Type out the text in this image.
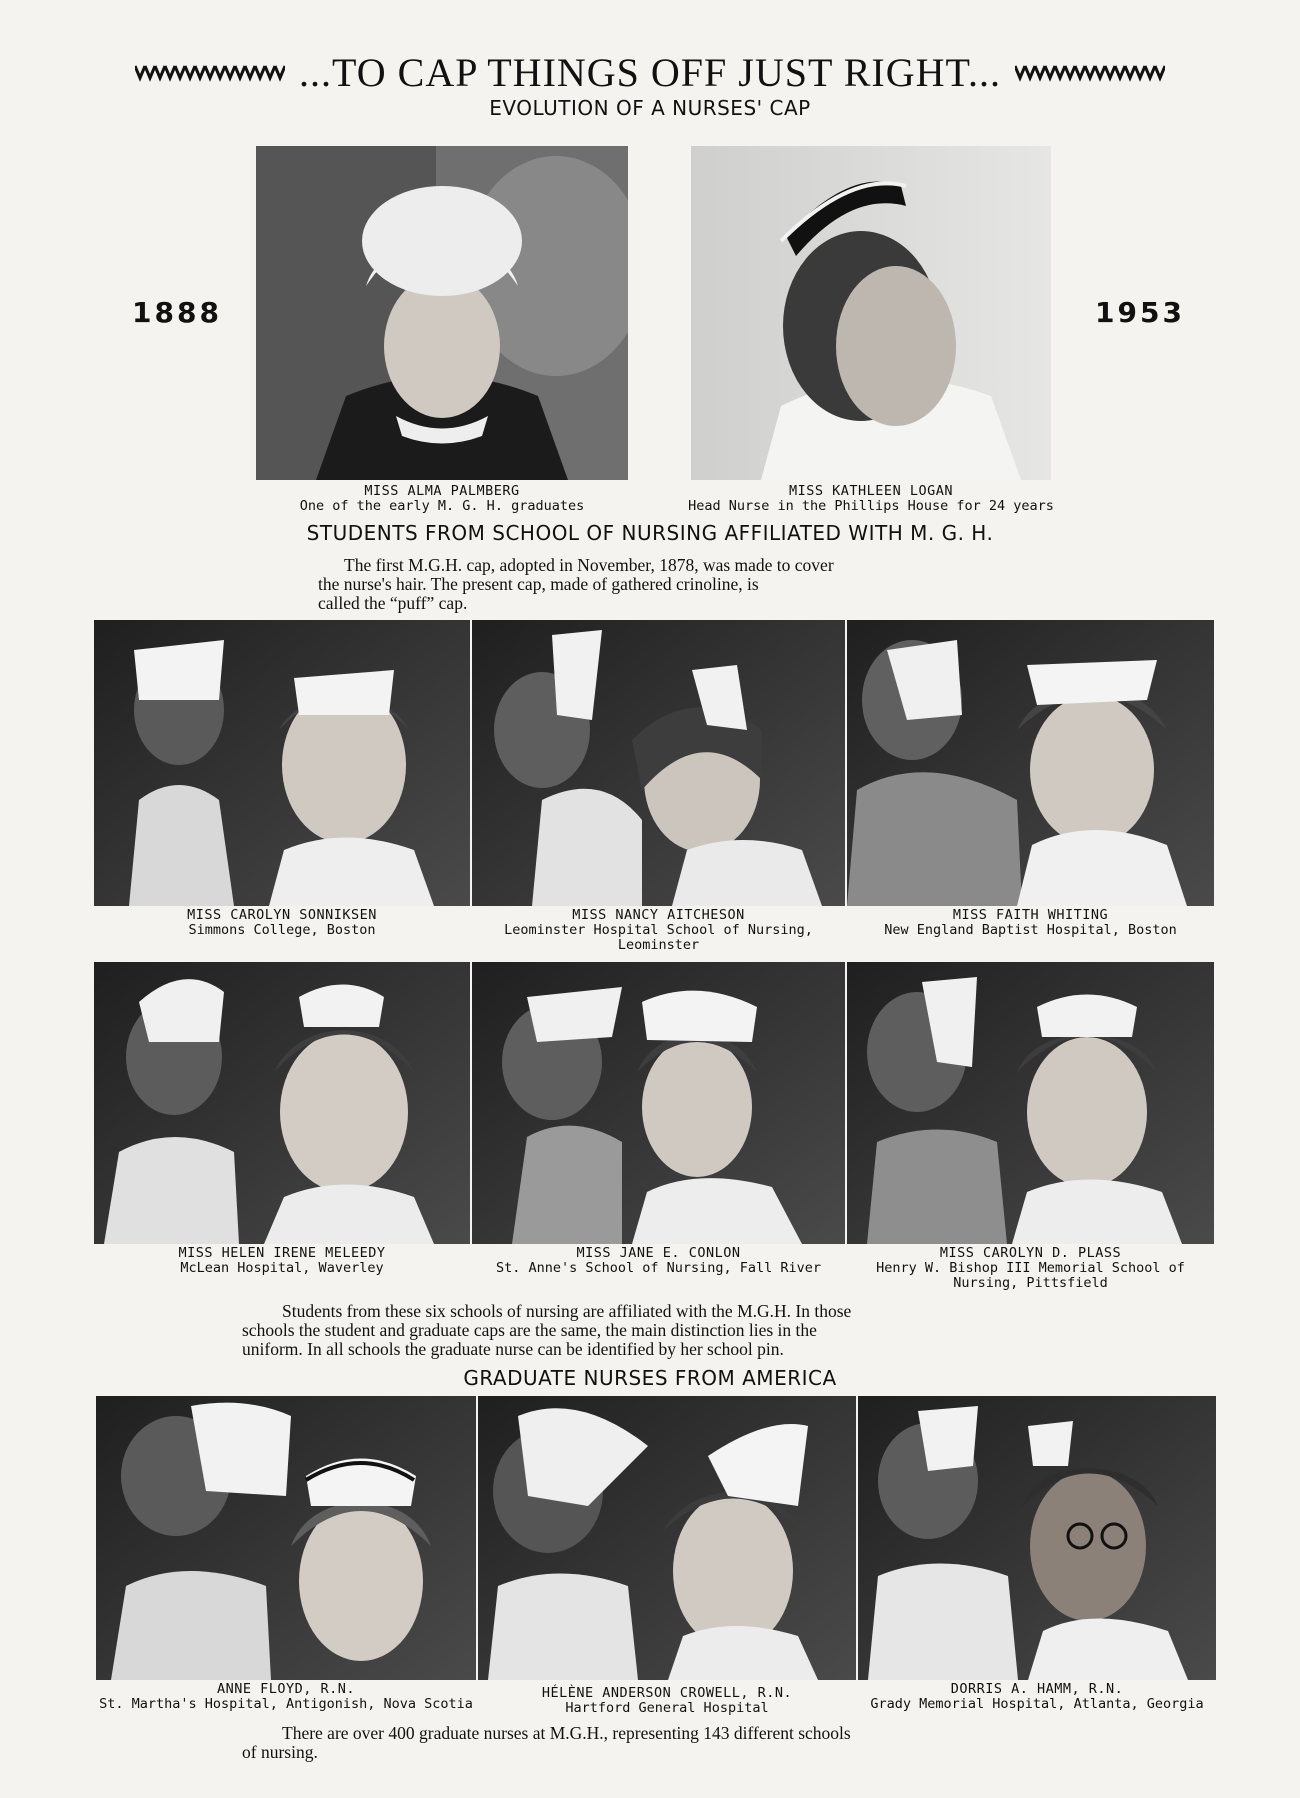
...TO CAP THINGS OFF JUST RIGHT...
EVOLUTION OF A NURSES' CAP
1888	1953
MISS ALMA PALMBERG
One of the early M. G. H. graduates
MISS KATHLEEN LOGAN
Head Nurse in the Phillips House for 24 years
STUDENTS FROM SCHOOL OF NURSING AFFILIATED WITH M. G. H.
The first M.G.H. cap, adopted in November, 1878, was made to cover
the nurse's hair. The present cap, made of gathered crinoline, is
called the “puff” cap.
MISS CAROLYN SONNIKSEN
Simmons College, Boston
MISS NANCY AITCHESON
Leominster Hospital School of Nursing,
Leominster
MISS FAITH WHITING
New England Baptist Hospital, Boston
MISS HELEN IRENE MELEEDY
McLean Hospital, Waverley
MISS JANE E. CONLON
St. Anne's School of Nursing, Fall River
MISS CAROLYN D. PLASS
Henry W. Bishop III Memorial School of
Nursing, Pittsfield
Students from these six schools of nursing are affiliated with the M.G.H. In those
schools the student and graduate caps are the same, the main distinction lies in the
uniform. In all schools the graduate nurse can be identified by her school pin.
GRADUATE NURSES FROM AMERICA
ANNE FLOYD, R.N.
St. Martha's Hospital, Antigonish, Nova Scotia
HÉLÈNE ANDERSON CROWELL, R.N.
Hartford General Hospital
DORRIS A. HAMM, R.N.
Grady Memorial Hospital, Atlanta, Georgia
There are over 400 graduate nurses at M.G.H., representing 143 different schools
of nursing.
